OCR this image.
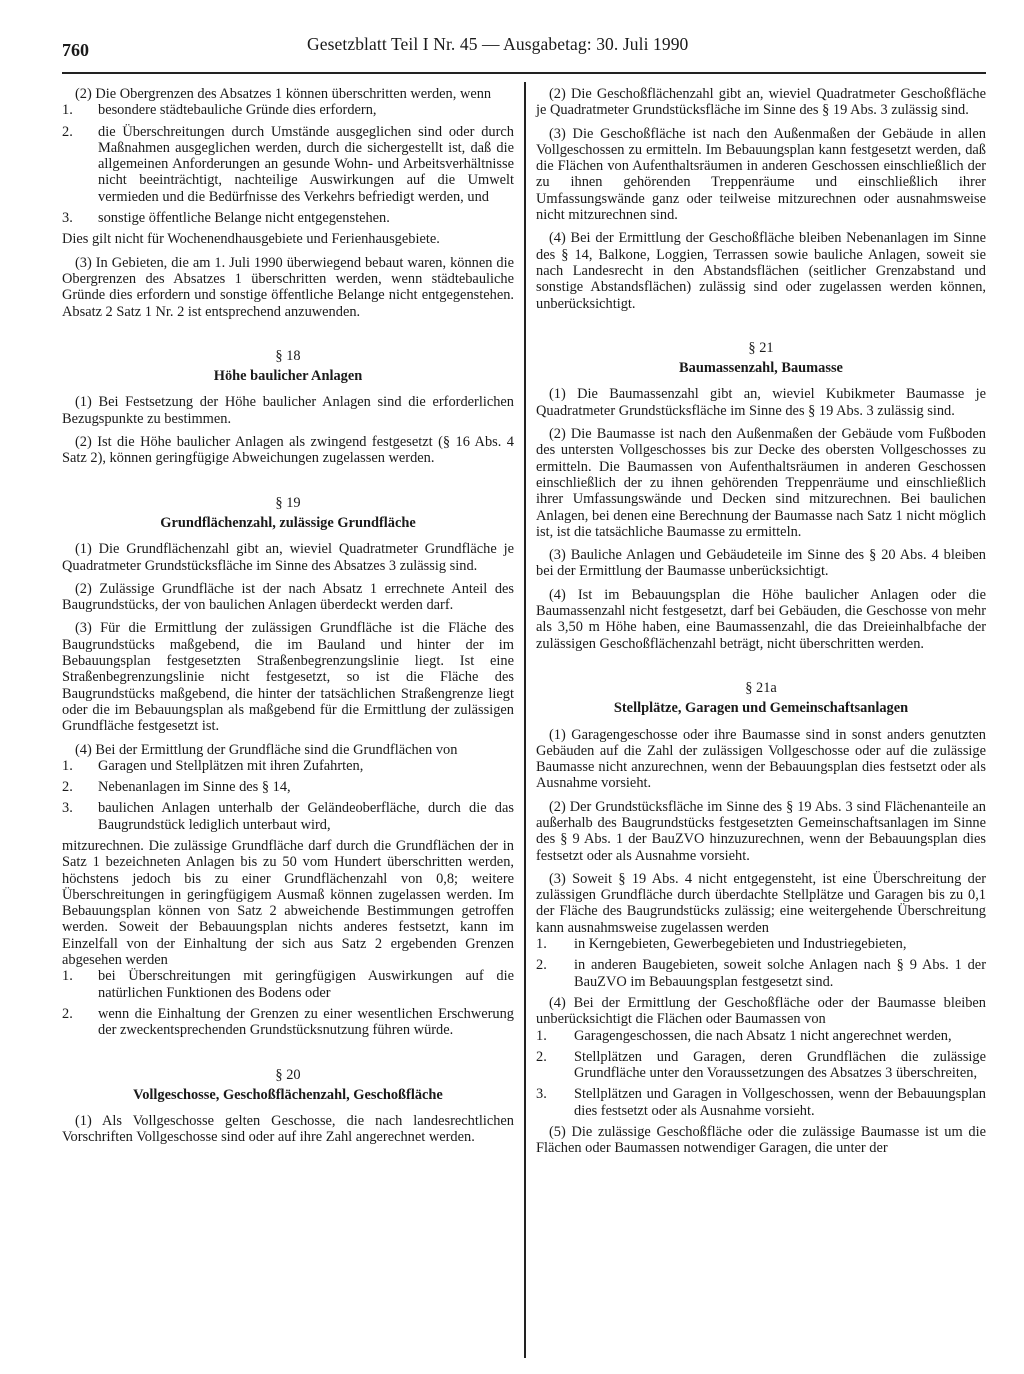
760	Gesetzblatt Teil I Nr. 45 — Ausgabetag: 30. Juli 1990

(2) Die Obergrenzen des Absatzes 1 können überschritten werden, wenn

1.	besondere städtebauliche Gründe dies erfordern,
2.	die Überschreitungen durch Umstände ausgeglichen sind oder durch Maßnahmen ausgeglichen werden, durch die sichergestellt ist, daß die allgemeinen Anforderungen an gesunde Wohn- und Arbeitsverhältnisse nicht beeinträchtigt, nachteilige Auswirkungen auf die Umwelt vermieden und die Bedürfnisse des Verkehrs befriedigt werden, und
3.	sonstige öffentliche Belange nicht entgegenstehen.

Dies gilt nicht für Wochenendhausgebiete und Ferienhausgebiete.

(3) In Gebieten, die am 1. Juli 1990 überwiegend bebaut waren, können die Obergrenzen des Absatzes 1 überschritten werden, wenn städtebauliche Gründe dies erfordern und sonstige öffentliche Belange nicht entgegenstehen. Absatz 2 Satz 1 Nr. 2 ist entsprechend anzuwenden.

§ 18
Höhe baulicher Anlagen

(1) Bei Festsetzung der Höhe baulicher Anlagen sind die erforderlichen Bezugspunkte zu bestimmen.

(2) Ist die Höhe baulicher Anlagen als zwingend festgesetzt (§ 16 Abs. 4 Satz 2), können geringfügige Abweichungen zugelassen werden.

§ 19
Grundflächenzahl, zulässige Grundfläche

(1) Die Grundflächenzahl gibt an, wieviel Quadratmeter Grundfläche je Quadratmeter Grundstücksfläche im Sinne des Absatzes 3 zulässig sind.

(2) Zulässige Grundfläche ist der nach Absatz 1 errechnete Anteil des Baugrundstücks, der von baulichen Anlagen überdeckt werden darf.

(3) Für die Ermittlung der zulässigen Grundfläche ist die Fläche des Baugrundstücks maßgebend, die im Bauland und hinter der im Bebauungsplan festgesetzten Straßenbegrenzungslinie liegt. Ist eine Straßenbegrenzungslinie nicht festgesetzt, so ist die Fläche des Baugrundstücks maßgebend, die hinter der tatsächlichen Straßengrenze liegt oder die im Bebauungsplan als maßgebend für die Ermittlung der zulässigen Grundfläche festgesetzt ist.

(4) Bei der Ermittlung der Grundfläche sind die Grundflächen von

1.	Garagen und Stellplätzen mit ihren Zufahrten,
2.	Nebenanlagen im Sinne des § 14,
3.	baulichen Anlagen unterhalb der Geländeoberfläche, durch die das Baugrundstück lediglich unterbaut wird,

mitzurechnen. Die zulässige Grundfläche darf durch die Grundflächen der in Satz 1 bezeichneten Anlagen bis zu 50 vom Hundert überschritten werden, höchstens jedoch bis zu einer Grundflächenzahl von 0,8; weitere Überschreitungen in geringfügigem Ausmaß können zugelassen werden. Im Bebauungsplan können von Satz 2 abweichende Bestimmungen getroffen werden. Soweit der Bebauungsplan nichts anderes festsetzt, kann im Einzelfall von der Einhaltung der sich aus Satz 2 ergebenden Grenzen abgesehen werden

1.	bei Überschreitungen mit geringfügigen Auswirkungen auf die natürlichen Funktionen des Bodens oder
2.	wenn die Einhaltung der Grenzen zu einer wesentlichen Erschwerung der zweckentsprechenden Grundstücksnutzung führen würde.
§ 20
Vollgeschosse, Geschoßflächenzahl, Geschoßfläche

(1) Als Vollgeschosse gelten Geschosse, die nach landesrechtlichen Vorschriften Vollgeschosse sind oder auf ihre Zahl angerechnet werden.

(2) Die Geschoßflächenzahl gibt an, wieviel Quadratmeter Geschoßfläche je Quadratmeter Grundstücksfläche im Sinne des § 19 Abs. 3 zulässig sind.

(3) Die Geschoßfläche ist nach den Außenmaßen der Gebäude in allen Vollgeschossen zu ermitteln. Im Bebauungsplan kann festgesetzt werden, daß die Flächen von Aufenthaltsräumen in anderen Geschossen einschließlich der zu ihnen gehörenden Treppenräume und einschließlich ihrer Umfassungswände ganz oder teilweise mitzurechnen oder ausnahmsweise nicht mitzurechnen sind.

(4) Bei der Ermittlung der Geschoßfläche bleiben Nebenanlagen im Sinne des § 14, Balkone, Loggien, Terrassen sowie bauliche Anlagen, soweit sie nach Landesrecht in den Abstandsflächen (seitlicher Grenzabstand und sonstige Abstandsflächen) zulässig sind oder zugelassen werden können, unberücksichtigt.

§ 21
Baumassenzahl, Baumasse

(1) Die Baumassenzahl gibt an, wieviel Kubikmeter Baumasse je Quadratmeter Grundstücksfläche im Sinne des § 19 Abs. 3 zulässig sind.

(2) Die Baumasse ist nach den Außenmaßen der Gebäude vom Fußboden des untersten Vollgeschosses bis zur Decke des obersten Vollgeschosses zu ermitteln. Die Baumassen von Aufenthaltsräumen in anderen Geschossen einschließlich der zu ihnen gehörenden Treppenräume und einschließlich ihrer Umfassungswände und Decken sind mitzurechnen. Bei baulichen Anlagen, bei denen eine Berechnung der Baumasse nach Satz 1 nicht möglich ist, ist die tatsächliche Baumasse zu ermitteln.

(3) Bauliche Anlagen und Gebäudeteile im Sinne des § 20 Abs. 4 bleiben bei der Ermittlung der Baumasse unberücksichtigt.

(4) Ist im Bebauungsplan die Höhe baulicher Anlagen oder die Baumassenzahl nicht festgesetzt, darf bei Gebäuden, die Geschosse von mehr als 3,50 m Höhe haben, eine Baumassenzahl, die das Dreieinhalbfache der zulässigen Geschoßflächenzahl beträgt, nicht überschritten werden.

§ 21a
Stellplätze, Garagen und Gemeinschaftsanlagen

(1) Garagengeschosse oder ihre Baumasse sind in sonst anders genutzten Gebäuden auf die Zahl der zulässigen Vollgeschosse oder auf die zulässige Baumasse nicht anzurechnen, wenn der Bebauungsplan dies festsetzt oder als Ausnahme vorsieht.

(2) Der Grundstücksfläche im Sinne des § 19 Abs. 3 sind Flächenanteile an außerhalb des Baugrundstücks festgesetzten Gemeinschaftsanlagen im Sinne des § 9 Abs. 1 der BauZVO hinzuzurechnen, wenn der Bebauungsplan dies festsetzt oder als Ausnahme vorsieht.

(3) Soweit § 19 Abs. 4 nicht entgegensteht, ist eine Überschreitung der zulässigen Grundfläche durch überdachte Stellplätze und Garagen bis zu 0,1 der Fläche des Baugrundstücks zulässig; eine weitergehende Überschreitung kann ausnahmsweise zugelassen werden

1.	in Kerngebieten, Gewerbegebieten und Industriegebieten,
2.	in anderen Baugebieten, soweit solche Anlagen nach § 9 Abs. 1 der BauZVO im Bebauungsplan festgesetzt sind.

(4) Bei der Ermittlung der Geschoßfläche oder der Baumasse bleiben unberücksichtigt die Flächen oder Baumassen von

1.	Garagengeschossen, die nach Absatz 1 nicht angerechnet werden,
2.	Stellplätzen und Garagen, deren Grundflächen die zulässige Grundfläche unter den Voraussetzungen des Absatzes 3 überschreiten,
3.	Stellplätzen und Garagen in Vollgeschossen, wenn der Bebauungsplan dies festsetzt oder als Ausnahme vorsieht.

(5) Die zulässige Geschoßfläche oder die zulässige Baumasse ist um die Flächen oder Baumassen notwendiger Garagen, die unter der
